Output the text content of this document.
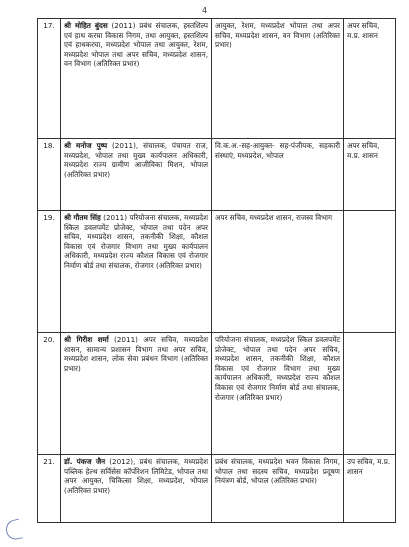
4
17.	श्री मोहित बुंदस (2011) प्रबंध संचालक, हस्तशिल्प एवं हाथ करघा विकास निगम, तथा आयुक्त, हस्तशिल्प एवं हाथकरघा, मध्यप्रदेश भोपाल तथा आयुक्त, रेशम, मध्यप्रदेश भोपाल तथा अपर सचिव, मध्यप्रदेश शासन, वन विभाग (अतिरिक्त प्रभार)	आयुक्त, रेशम, मध्यप्रदेश भोपाल तथा अपर सचिव, मध्यप्रदेश शासन, वन विभाग (अतिरिक्त प्रभार)	अपर सचिव, म.प्र. शासन
18.	श्री मनोज पुष्प (2011), संचालक, पंचायत राज, मध्यप्रदेश, भोपाल तथा मुख्य कार्यपालन अधिकारी, मध्यप्रदेश राज्य ग्रामीण आजीविका मिशन, भोपाल (अतिरिक्त प्रभार)	वि.क.अ.-सह-आयुक्त- सह-पंजीयक, सहकारी संस्थाएं, मध्यप्रदेश, भोपाल	अपर सचिव, म.प्र. शासन
19.	श्री गौतम सिंह (2011) परियोजना संचालक, मध्यप्रदेश स्किल डवलपमेंट प्रोजेक्ट, भोपाल तथा पदेन अपर सचिव, मध्यप्रदेश शासन, तकनीकी शिक्षा, कौशल विकास एवं रोजगार विभाग तथा मुख्य कार्यपालन अधिकारी, मध्यप्रदेश राज्य कौशल विकास एवं रोजगार निर्माण बोर्ड तथा संचालक, रोजगार (अतिरिक्त प्रभार)	अपर सचिव, मध्यप्रदेश शासन, राजस्व विभाग	
20.	श्री गिरीश शर्मा (2011) अपर सचिव, मध्यप्रदेश शासन, सामान्य प्रशासन विभाग तथा अपर सचिव, मध्यप्रदेश शासन, लोक सेवा प्रबंधन विभाग (अतिरिक्त प्रभार)	परियोजना संचालक, मध्यप्रदेश स्किल डवलपमेंट प्रोजेक्ट, भोपाल तथा पदेन अपर सचिव, मध्यप्रदेश शासन, तकनीकी शिक्षा, कौशल विकास एवं रोजगार विभाग तथा मुख्य कार्यपालन अधिकारी, मध्यप्रदेश राज्य कौशल विकास एवं रोजगार निर्माण बोर्ड तथा संचालक, रोजगार (अतिरिक्त प्रभार)	
21.	डॉ. पंकज जैन (2012), प्रबंध संचालक, मध्यप्रदेश पब्लिक हेल्थ सर्विसेस कॉर्पोरेशन लिमिटेड, भोपाल तथा अपर आयुक्त, चिकित्सा शिक्षा, मध्यप्रदेश, भोपाल (अतिरिक्त प्रभार)	प्रबंध संचालक, मध्यप्रदेश भवन विकास निगम, भोपाल तथा सदस्य सचिव, मध्यप्रदेश प्रदूषण नियंत्रण बोर्ड, भोपाल (अतिरिक्त प्रभार)	उप सचिव, म.प्र. शासन
